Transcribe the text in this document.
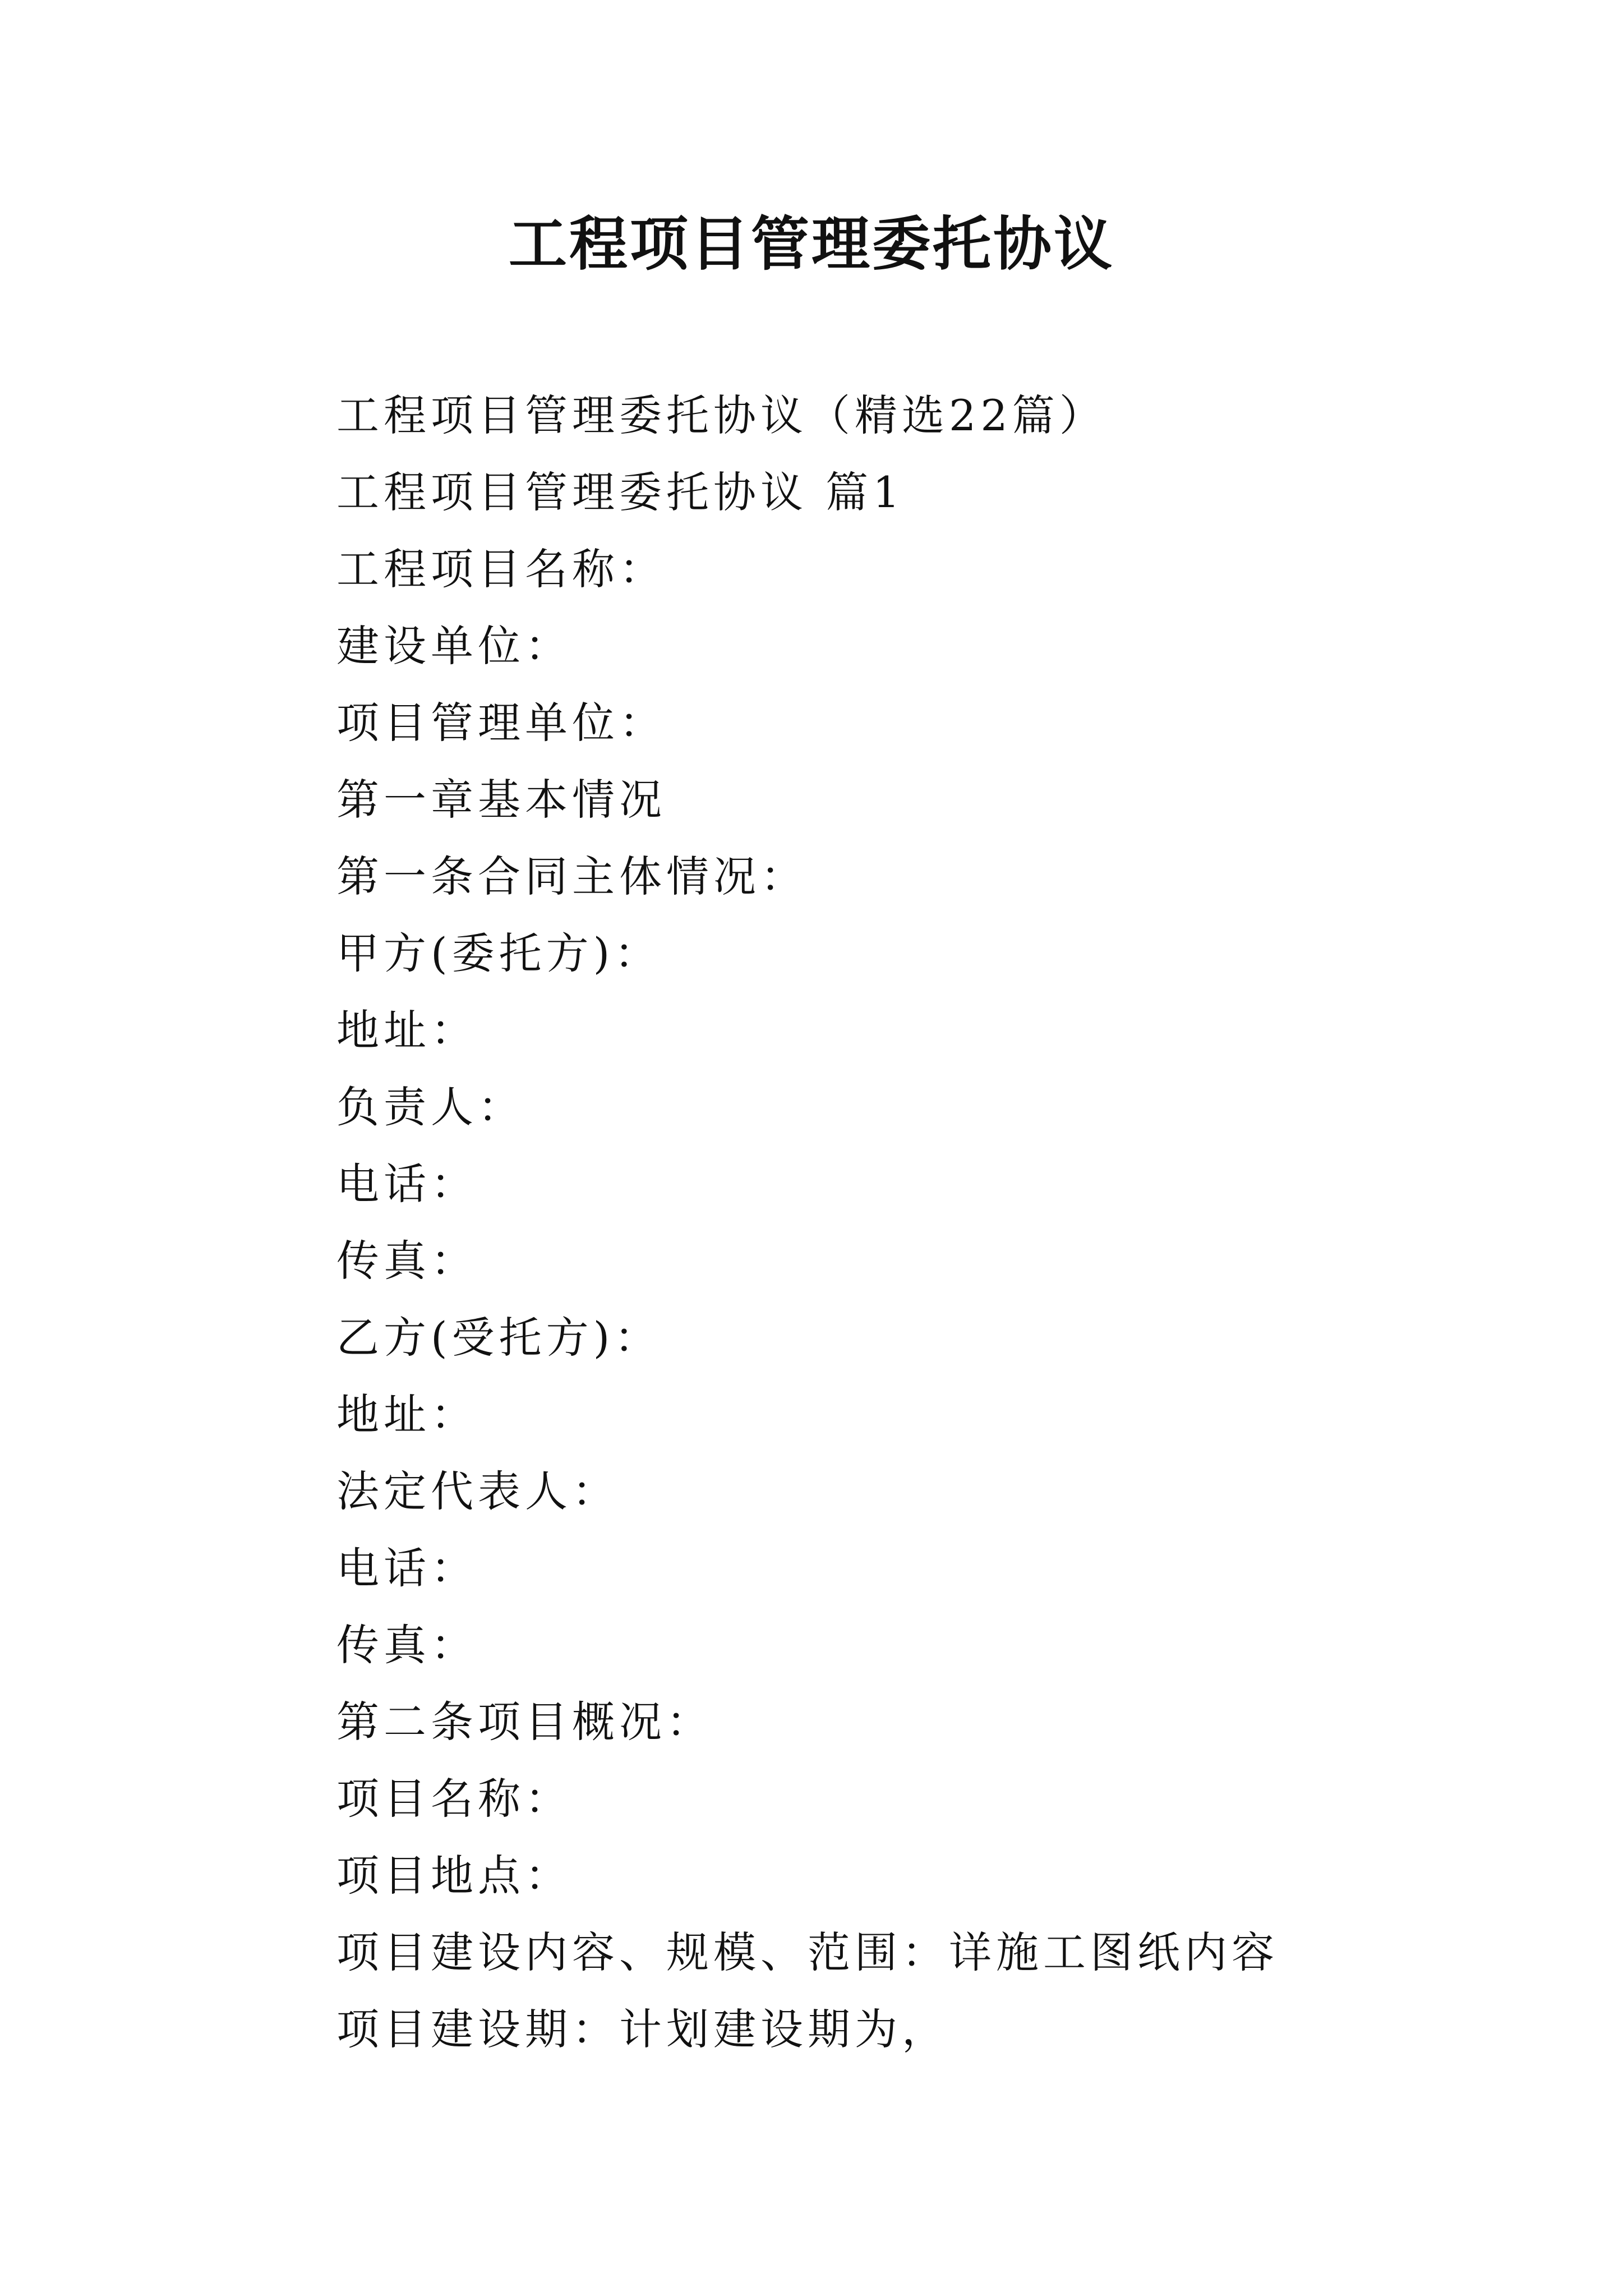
工程项目管理委托协议
工程项目管理委托协议（精选22篇）
工程项目管理委托协议 篇1
工程项目名称：
建设单位：
项目管理单位：
第一章基本情况
第一条合同主体情况：
甲方(委托方)：
地址：
负责人：
电话：
传真：
乙方(受托方)：
地址：
法定代表人：
电话：
传真：
第二条项目概况：
项目名称：
项目地点：
项目建设内容、规模、范围：详施工图纸内容
项目建设期：计划建设期为，
